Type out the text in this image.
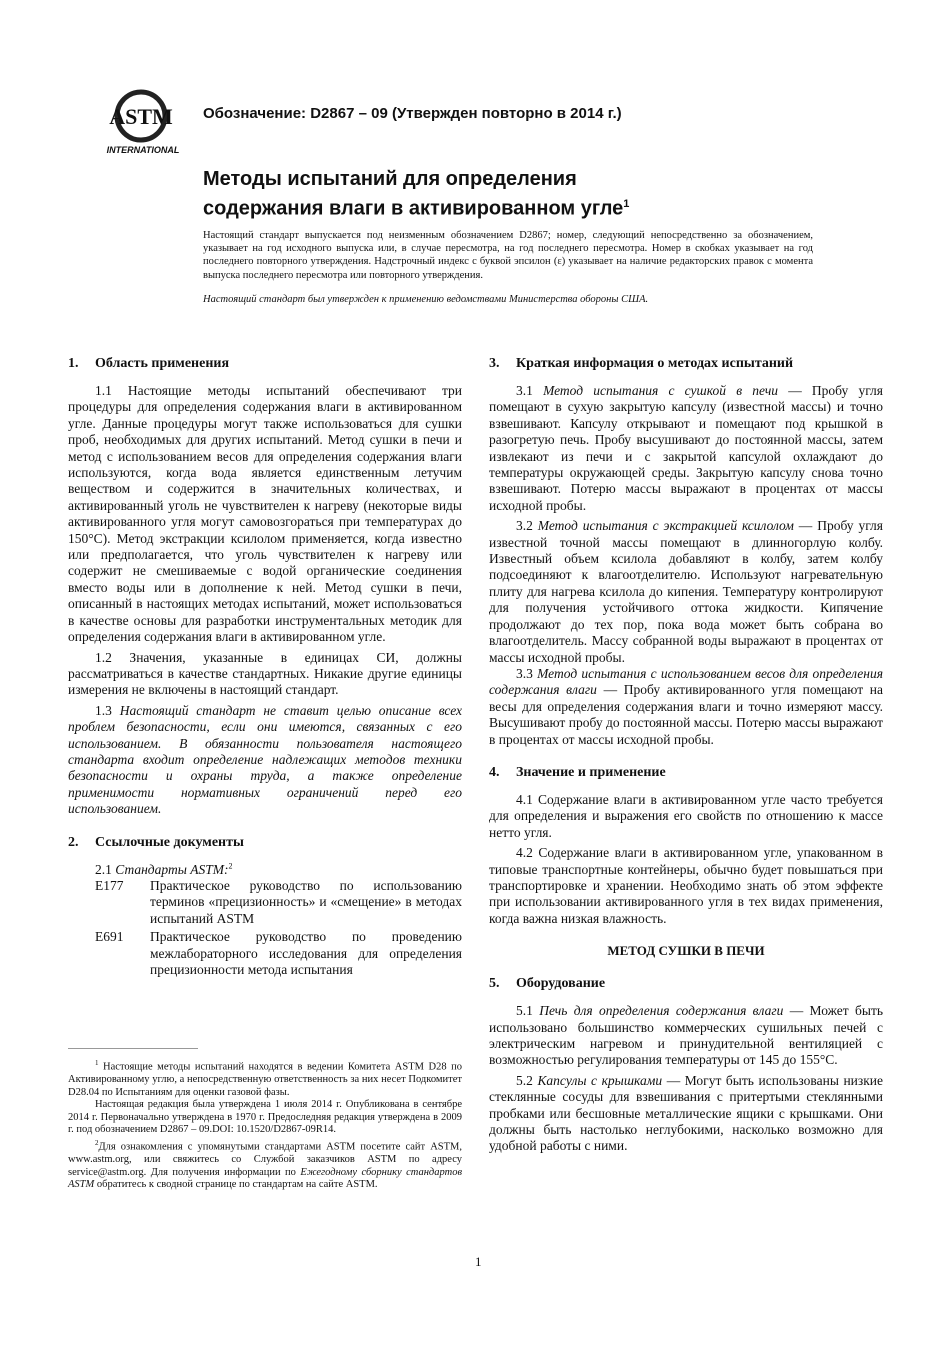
ASTM
INTERNATIONAL
Обозначение: D2867 – 09 (Утвержден повторно в 2014 г.)
Методы испытаний для определения
содержания влаги в активированном угле$^1$
Настоящий стандарт выпускается под неизменным обозначением D2867; номер, следующий непосредственно за обозначением, указывает на год исходного выпуска или, в случае пересмотра, на год последнего пересмотра. Номер в скобках указывает на год последнего повторного утверждения. Надстрочный индекс с буквой эпсилон (ε) указывает на наличие редакторских правок с момента выпуска последнего пересмотра или повторного утверждения.
Настоящий стандарт был утвержден к применению ведомствами Министерства обороны США.
1. Область применения

1.1 Настоящие методы испытаний обеспечивают три процедуры для определения содержания влаги в активированном угле. Данные процедуры могут также использоваться для сушки проб, необходимых для других испытаний. Метод сушки в печи и метод с использованием весов для определения содержания влаги используются, когда вода является единственным летучим веществом и содержится в значительных количествах, и активированный уголь не чувствителен к нагреву (некоторые виды активированного угля могут самовозгораться при температурах до 150°C). Метод экстракции ксилолом применяется, когда известно или предполагается, что уголь чувствителен к нагреву или содержит не смешиваемые с водой органические соединения вместо воды или в дополнение к ней. Метод сушки в печи, описанный в настоящих методах испытаний, может использоваться в качестве основы для разработки инструментальных методик для определения содержания влаги в активированном угле.

1.2 Значения, указанные в единицах СИ, должны рассматриваться в качестве стандартных. Никакие другие единицы измерения не включены в настоящий стандарт.

1.3 Настоящий стандарт не ставит целью описание всех проблем безопасности, если они имеются, связанных с его использованием. В обязанности пользователя настоящего стандарта входит определение надлежащих методов техники безопасности и охраны труда, а также определение применимости нормативных ограничений перед его использованием.

2. Ссылочные документы

2.1 Стандарты ASTM:$^2$

E177	Практическое руководство по использованию терминов «прецизионность» и «смещение» в методах испытаний ASTM
E691	Практическое руководство по проведению межлабораторного исследования для определения прецизионности метода испытания

$^1$ Настоящие методы испытаний находятся в ведении Комитета ASTM D28 по Активированному углю, а непосредственную ответственность за них несет Подкомитет D28.04 по Испытаниям для оценки газовой фазы.

Настоящая редакция была утверждена 1 июля 2014 г. Опубликована в сентябре 2014 г. Первоначально утверждена в 1970 г. Предоследняя редакция утверждена в 2009 г. под обозначением D2867 – 09.DOI: 10.1520/D2867-09R14.

$^2$Для ознакомления с упомянутыми стандартами ASTM посетите сайт ASTM, www.astm.org, или свяжитесь со Службой заказчиков ASTM по адресу service@astm.org. Для получения информации по Ежегодному сборнику стандартов ASTM обратитесь к сводной странице по стандартам на сайте ASTM.

3. Краткая информация о методах испытаний

3.1 Метод испытания с сушкой в печи — Пробу угля помещают в сухую закрытую капсулу (известной массы) и точно взвешивают. Капсулу открывают и помещают под крышкой в разогретую печь. Пробу высушивают до постоянной массы, затем извлекают из печи и с закрытой капсулой охлаждают до температуры окружающей среды. Закрытую капсулу снова точно взвешивают. Потерю массы выражают в процентах от массы исходной пробы.

3.2 Метод испытания с экстракцией ксилолом — Пробу угля известной точной массы помещают в длинногорлую колбу. Известный объем ксилола добавляют в колбу, затем колбу подсоединяют к влагоотделителю. Используют нагревательную плиту для нагрева ксилола до кипения. Температуру контролируют для получения устойчивого оттока жидкости. Кипячение продолжают до тех пор, пока вода может быть собрана во влагоотделитель. Массу собранной воды выражают в процентах от массы исходной пробы.

3.3 Метод испытания с использованием весов для определения содержания влаги — Пробу активированного угля помещают на весы для определения содержания влаги и точно измеряют массу. Высушивают пробу до постоянной массы. Потерю массы выражают в процентах от массы исходной пробы.

4. Значение и применение

4.1 Содержание влаги в активированном угле часто требуется для определения и выражения его свойств по отношению к массе нетто угля.

4.2 Содержание влаги в активированном угле, упакованном в типовые транспортные контейнеры, обычно будет повышаться при транспортировке и хранении. Необходимо знать об этом эффекте при использовании активированного угля в тех видах применения, когда важна низкая влажность.

МЕТОД СУШКИ В ПЕЧИ
5. Оборудование

5.1 Печь для определения содержания влаги — Может быть использовано большинство коммерческих сушильных печей с электрическим нагревом и принудительной вентиляцией с возможностью регулирования температуры от 145 до 155°C.

5.2 Капсулы с крышками — Могут быть использованы низкие стеклянные сосуды для взвешивания с притертыми стеклянными пробками или бесшовные металлические ящики с крышками. Они должны быть настолько неглубокими, насколько возможно для удобной работы с ними.

1
